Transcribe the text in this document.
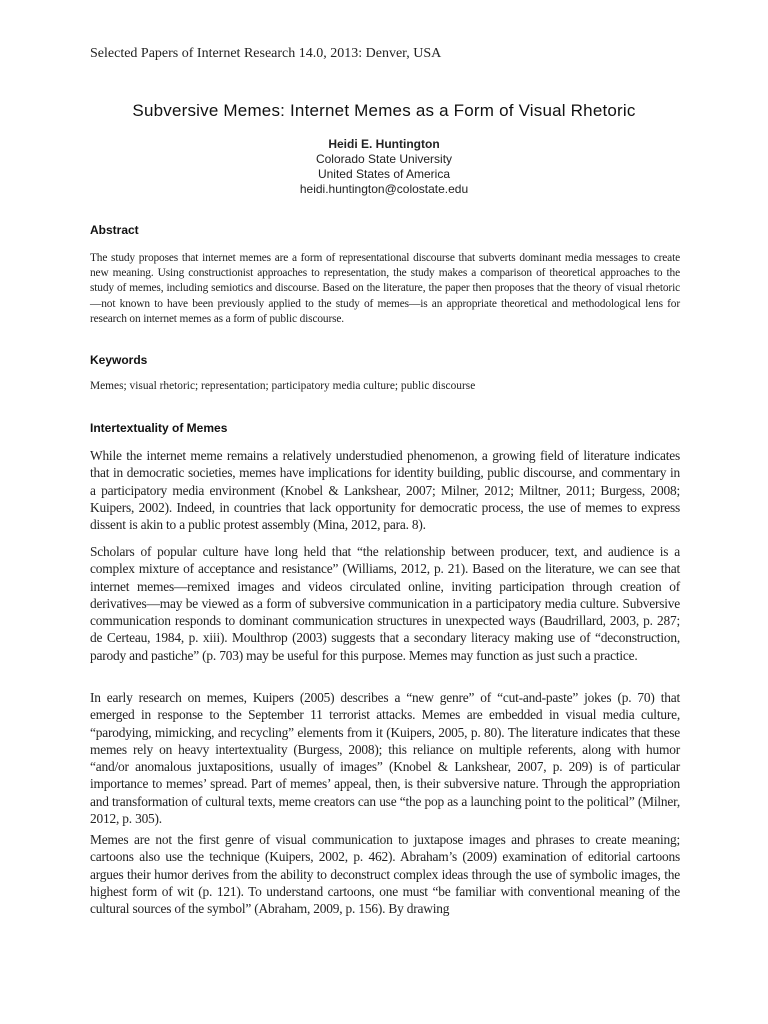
Selected Papers of Internet Research 14.0, 2013: Denver, USA
Subversive Memes: Internet Memes as a Form of Visual Rhetoric
Heidi E. Huntington
Colorado State University
United States of America
heidi.huntington@colostate.edu
Abstract

The study proposes that internet memes are a form of representational discourse that subverts dominant media messages to create new meaning. Using constructionist approaches to representation, the study makes a comparison of theoretical approaches to the study of memes, including semiotics and discourse. Based on the literature, the paper then proposes that the theory of visual rhetoric—not known to have been previously applied to the study of memes—is an appropriate theoretical and methodological lens for research on internet memes as a form of public discourse.

Keywords
Memes; visual rhetoric; representation; participatory media culture; public discourse
Intertextuality of Memes

While the internet meme remains a relatively understudied phenomenon, a growing field of literature indicates that in democratic societies, memes have implications for identity building, public discourse, and commentary in a participatory media environment (Knobel & Lankshear, 2007; Milner, 2012; Miltner, 2011; Burgess, 2008; Kuipers, 2002). Indeed, in countries that lack opportunity for democratic process, the use of memes to express dissent is akin to a public protest assembly (Mina, 2012, para. 8).

Scholars of popular culture have long held that “the relationship between producer, text, and audience is a complex mixture of acceptance and resistance” (Williams, 2012, p. 21). Based on the literature, we can see that internet memes—remixed images and videos circulated online, inviting participation through creation of derivatives—may be viewed as a form of subversive communication in a participatory media culture. Subversive communication responds to dominant communication structures in unexpected ways (Baudrillard, 2003, p. 287; de Certeau, 1984, p. xiii). Moulthrop (2003) suggests that a secondary literacy making use of “deconstruction, parody and pastiche” (p. 703) may be useful for this purpose. Memes may function as just such a practice.

In early research on memes, Kuipers (2005) describes a “new genre” of “cut-and-paste” jokes (p. 70) that emerged in response to the September 11 terrorist attacks. Memes are embedded in visual media culture, “parodying, mimicking, and recycling” elements from it (Kuipers, 2005, p. 80). The literature indicates that these memes rely on heavy intertextuality (Burgess, 2008); this reliance on multiple referents, along with humor “and/or anomalous juxtapositions, usually of images” (Knobel & Lankshear, 2007, p. 209) is of particular importance to memes’ spread. Part of memes’ appeal, then, is their subversive nature. Through the appropriation and transformation of cultural texts, meme creators can use “the pop as a launching point to the political” (Milner, 2012, p. 305).

Memes are not the first genre of visual communication to juxtapose images and phrases to create meaning; cartoons also use the technique (Kuipers, 2002, p. 462). Abraham’s (2009) examination of editorial cartoons argues their humor derives from the ability to deconstruct complex ideas through the use of symbolic images, the highest form of wit (p. 121). To understand cartoons, one must “be familiar with conventional meaning of the cultural sources of the symbol” (Abraham, 2009, p. 156). By drawing
